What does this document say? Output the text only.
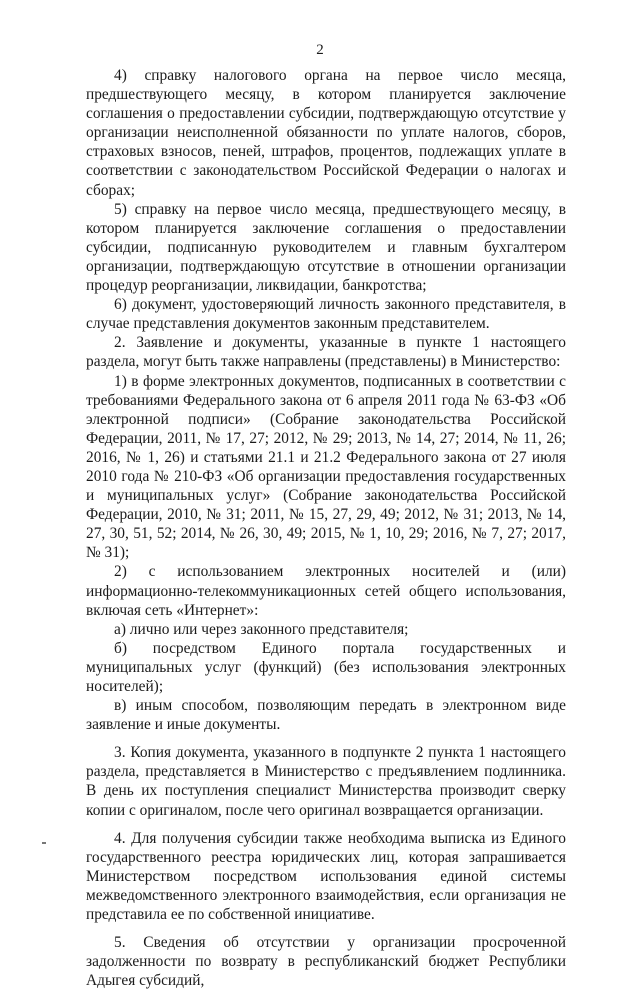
2

4) справку налогового органа на первое число месяца, предшествующего месяцу, в котором планируется заключение соглашения о предоставлении субсидии, подтверждающую отсутствие у организации неисполненной обязанности по уплате налогов, сборов, страховых взносов, пеней, штрафов, процентов, подлежащих уплате в соответствии с законодательством Российской Федерации о налогах и сборах;

5) справку на первое число месяца, предшествующего месяцу, в котором планируется заключение соглашения о предоставлении субсидии, подписанную руководителем и главным бухгалтером организации, подтверждающую отсутствие в отношении организации процедур реорганизации, ликвидации, банкротства;

6) документ, удостоверяющий личность законного представителя, в случае представления документов законным представителем.

2. Заявление и документы, указанные в пункте 1 настоящего раздела, могут быть также направлены (представлены) в Министерство:

1) в форме электронных документов, подписанных в соответствии с требованиями Федерального закона от 6 апреля 2011 года № 63-ФЗ «Об электронной подписи» (Собрание законодательства Российской Федерации, 2011, № 17, 27; 2012, № 29; 2013, № 14, 27; 2014, № 11, 26; 2016, № 1, 26) и статьями 21.1 и 21.2 Федерального закона от 27 июля 2010 года № 210-ФЗ «Об организации предоставления государственных и муниципальных услуг» (Собрание законодательства Российской Федерации, 2010, № 31; 2011, № 15, 27, 29, 49; 2012, № 31; 2013, № 14, 27, 30, 51, 52; 2014, № 26, 30, 49; 2015, № 1, 10, 29; 2016, № 7, 27; 2017, № 31);

2) с использованием электронных носителей и (или) информационно-телекоммуникационных сетей общего использования, включая сеть «Интернет»:

а) лично или через законного представителя;

б) посредством Единого портала государственных и муниципальных услуг (функций) (без использования электронных носителей);

в) иным способом, позволяющим передать в электронном виде заявление и иные документы.

3. Копия документа, указанного в подпункте 2 пункта 1 настоящего раздела, представляется в Министерство с предъявлением подлинника. В день их поступления специалист Министерства производит сверку копии с оригиналом, после чего оригинал возвращается организации.

4. Для получения субсидии также необходима выписка из Единого государственного реестра юридических лиц, которая запрашивается Министерством посредством использования единой системы межведомственного электронного взаимодействия, если организация не представила ее по собственной инициативе.

5. Сведения об отсутствии у организации просроченной задолженности по возврату в республиканский бюджет Республики Адыгея субсидий,
